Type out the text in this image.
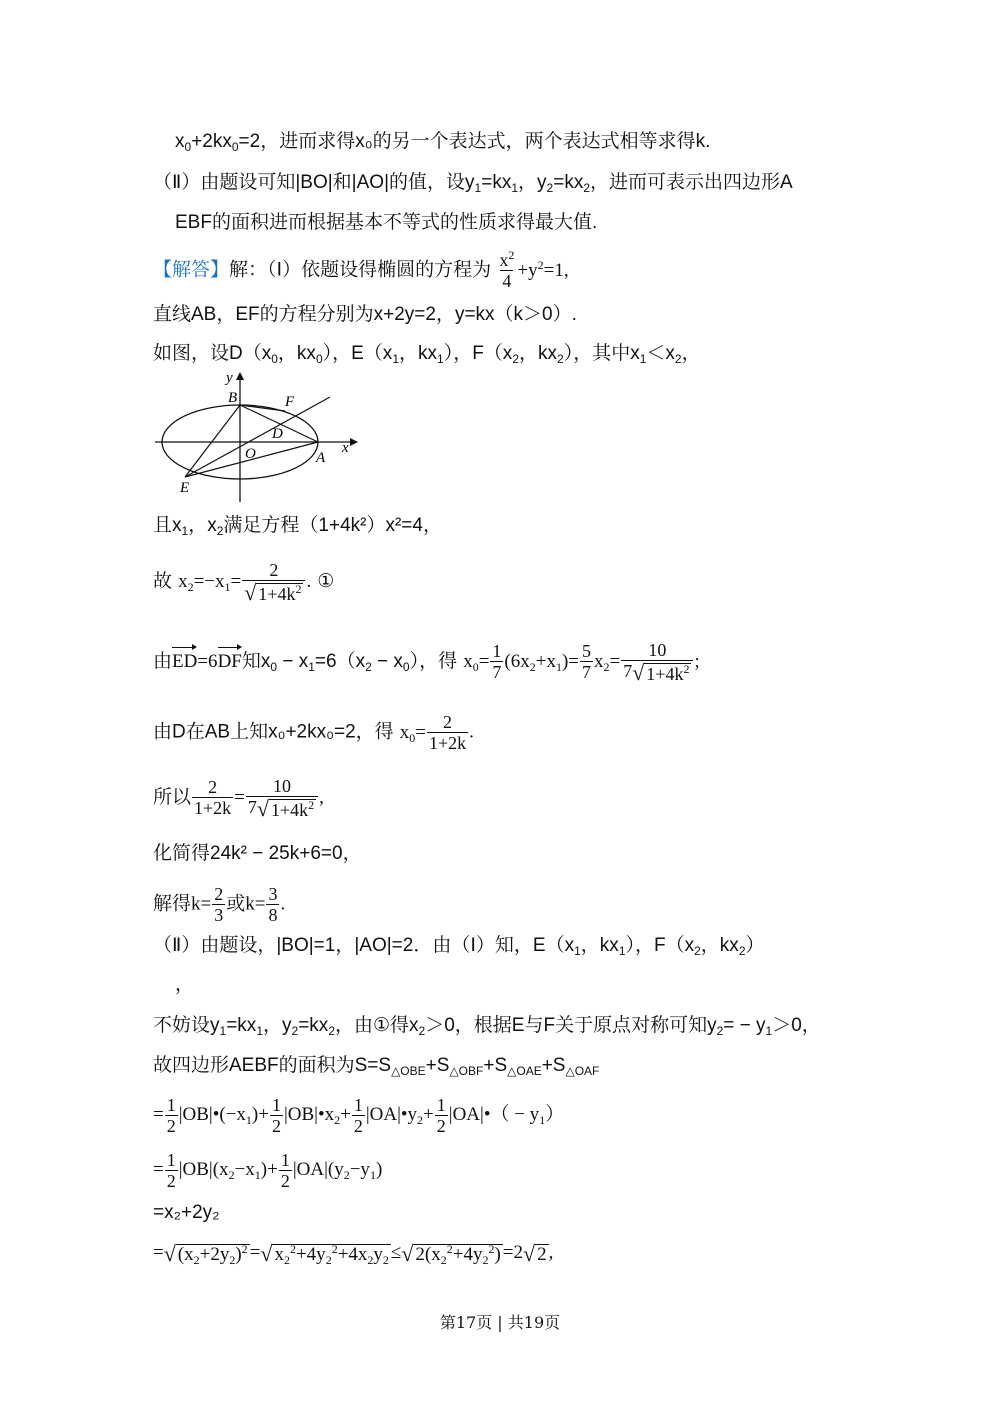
$x_0+2kx_0=2$，进而求得x₀的另一个表达式，两个表达式相等求得k.
（Ⅱ）由题设可知|BO|和|AO|的值，设$y_1=kx_1$，$y_2=kx_2$，进而可表示出四边形A
EBF的面积进而根据基本不等式的性质求得最大值.
【解答】解：（Ⅰ）依题设得椭圆的方程为 $\frac{x^2}{4} +y^2=1$,
直线AB，EF的方程分别为x+2y=2，y=kx（k＞0）.
如图，设$D(x_0$，$kx_0$），$E(x_1$，$kx_1$），$F(x_2$，$kx_2$），其中$x_1<x_2$，
y
x
B	F
D
O	A
E
且$x_1$，$x_2$满足方程（1+4k²）x²=4，
故 $x_2=-x_1= \frac{2}{√ 1+4k^2}$ . ①
由ED=6DF知$x_0 - x_1=6(x_2 - x_0)$，得 $x_0= \frac{1}{7} (6x_2+x_1)= \frac{5}{7} x_2= \frac{10}{7 √ 1+4k^2}$ ;
由D在AB上知x₀+2kx₀=2，得 $x_0= \frac{2}{1+2k}$ .
所以 $\frac{2}{1+2k} = \frac{10}{7 √ 1+4k^2}$ ,
化简得24k² − 25k+6=0，
解得$k= \frac{2}{3}$ 或$k= \frac{3}{8}$ .
（Ⅱ）由题设，|BO|=1，|AO|=2．由（Ⅰ）知，$E(x_1$，$kx_1$），$F(x_2$，$kx_2$）
，
不妨设$y_1=kx_1$，$y_2=kx_2$，由①得$x_2>0$，根据E与F关于原点对称可知$y_2= - y_1>0$，
故四边形AEBF的面积为$S=S_{\triangle OBE}+S_{\triangle OBF}+S_{\triangle OAE}+S_{\triangle OAF}$
= $\frac{1}{2}$ $|OB|•(-x_1)+ \frac{1}{2}$ $|OB|•x_2+ \frac{1}{2}$ $|OA|•y_2+ \frac{1}{2}$ |OA|•（ − $y_1$）
= $\frac{1}{2} |OB|(x_2-x_1)+ \frac{1}{2} |OA|(y_2-y_1)$
=x₂+2y₂
= √ $(x_2+2y_2)^2$ = √ $x_2^2+4y_2^2+4x_2y_2$ ≤ √ $2(x_2^2+4y_2^2) =2$ √ 2 ,
第17页 | 共19页
